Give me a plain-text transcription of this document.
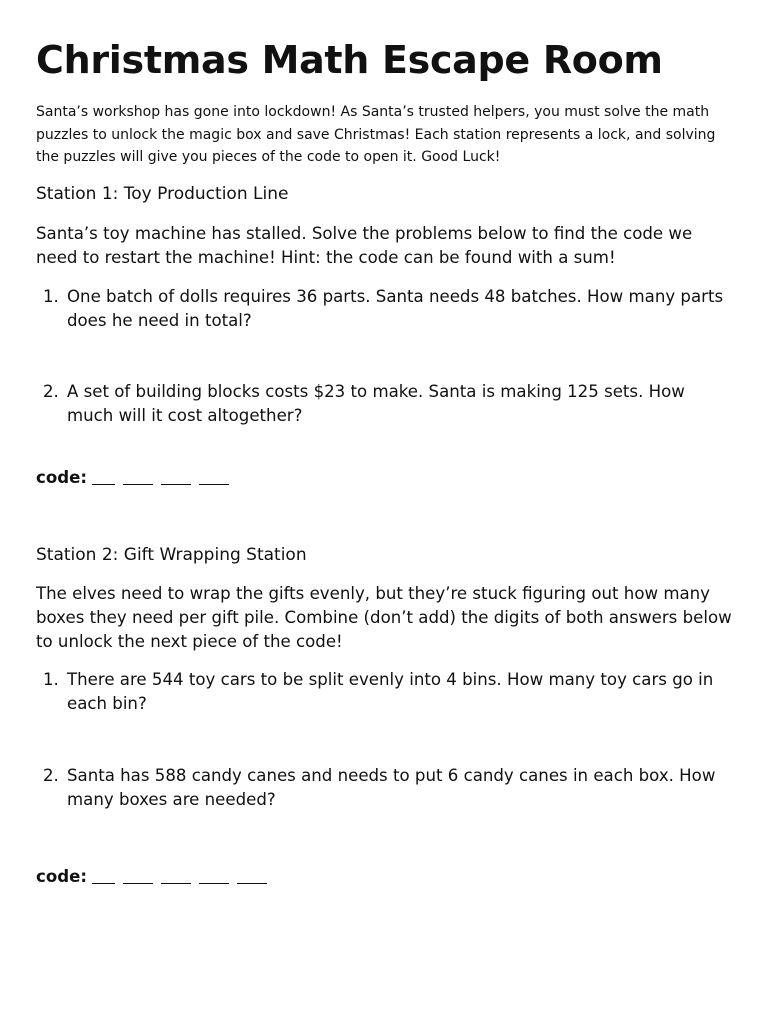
Christmas Math Escape Room

Santa’s workshop has gone into lockdown! As Santa’s trusted helpers, you must solve the math puzzles to unlock the magic box and save Christmas! Each station represents a lock, and solving the puzzles will give you pieces of the code to open it. Good Luck!

Station 1: Toy Production Line

Santa’s toy machine has stalled. Solve the problems below to find the code we need to restart the machine! Hint: the code can be found with a sum!

1. One batch of dolls requires 36 parts. Santa needs 48 batches. How many parts does he need in total?
2. A set of building blocks costs $23 to make. Santa is making 125 sets. How much will it cost altogether?
code:
Station 2: Gift Wrapping Station

The elves need to wrap the gifts evenly, but they’re stuck figuring out how many boxes they need per gift pile. Combine (don’t add) the digits of both answers below to unlock the next piece of the code!

1. There are 544 toy cars to be split evenly into 4 bins. How many toy cars go in each bin?
2. Santa has 588 candy canes and needs to put 6 candy canes in each box. How many boxes are needed?
code:
